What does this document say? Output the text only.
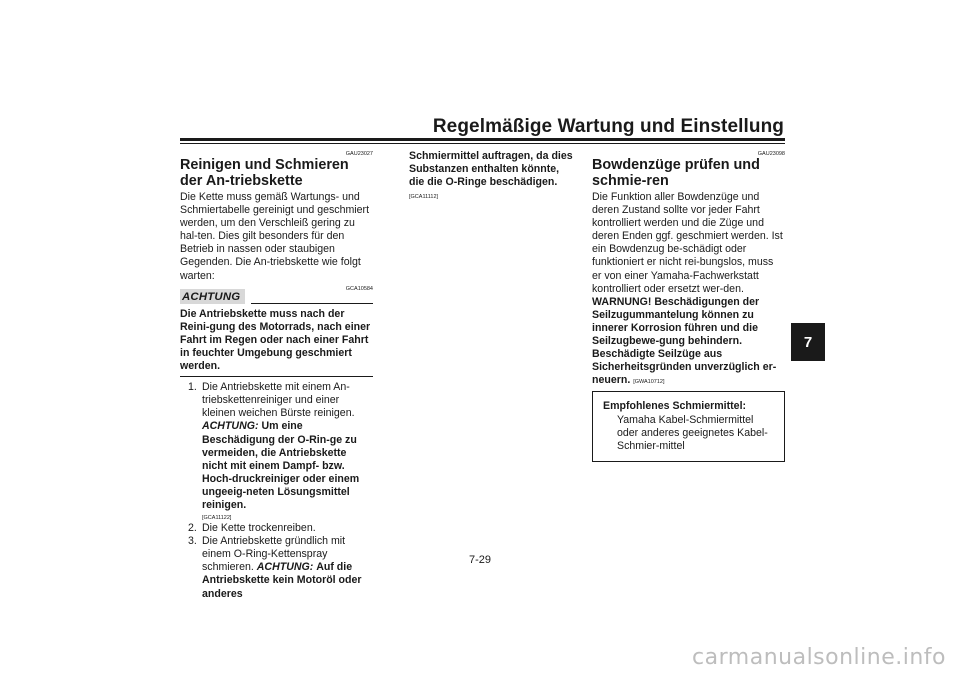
Regelmäßige Wartung und Einstellung
7
GAU23027
Reinigen und Schmieren der An-triebskette

Die Kette muss gemäß Wartungs- und Schmiertabelle gereinigt und geschmiert werden, um den Verschleiß gering zu hal-ten. Dies gilt besonders für den Betrieb in nassen oder staubigen Gegenden. Die An-triebskette wie folgt warten:

ACHTUNG
GCA10584

Die Antriebskette muss nach der Reini-gung des Motorrads, nach einer Fahrt im Regen oder nach einer Fahrt in feuchter Umgebung geschmiert werden.

1. Die Antriebskette mit einem An-triebskettenreiniger und einer kleinen weichen Bürste reinigen. ACHTUNG: Um eine Beschädigung der O-Rin-ge zu vermeiden, die Antriebskette nicht mit einem Dampf- bzw. Hoch-druckreiniger oder einem ungeeig-neten Lösungsmittel reinigen.
[GCA11122]
2. Die Kette trockenreiben.
3. Die Antriebskette gründlich mit einem O-Ring-Kettenspray schmieren. ACHTUNG: Auf die Antriebskette kein Motoröl oder anderes

Schmiermittel auftragen, da dies Substanzen enthalten könnte, die die O-Ringe beschädigen. [GCA11112]

GAU23098
Bowdenzüge prüfen und schmie-ren

Die Funktion aller Bowdenzüge und deren Zustand sollte vor jeder Fahrt kontrolliert werden und die Züge und deren Enden ggf. geschmiert werden. Ist ein Bowdenzug be-schädigt oder funktioniert er nicht rei-bungslos, muss er von einer Yamaha-Fachwerkstatt kontrolliert oder ersetzt wer-den. WARNUNG! Beschädigungen der Seilzugummantelung können zu innerer Korrosion führen und die Seilzugbewe-gung behindern. Beschädigte Seilzüge aus Sicherheitsgründen unverzüglich er-neuern. [GWA10712]

Empfohlenes Schmiermittel:
Yamaha Kabel-Schmiermittel oder anderes geeignetes Kabel-Schmier-mittel
7-29
carmanualsonline.info
